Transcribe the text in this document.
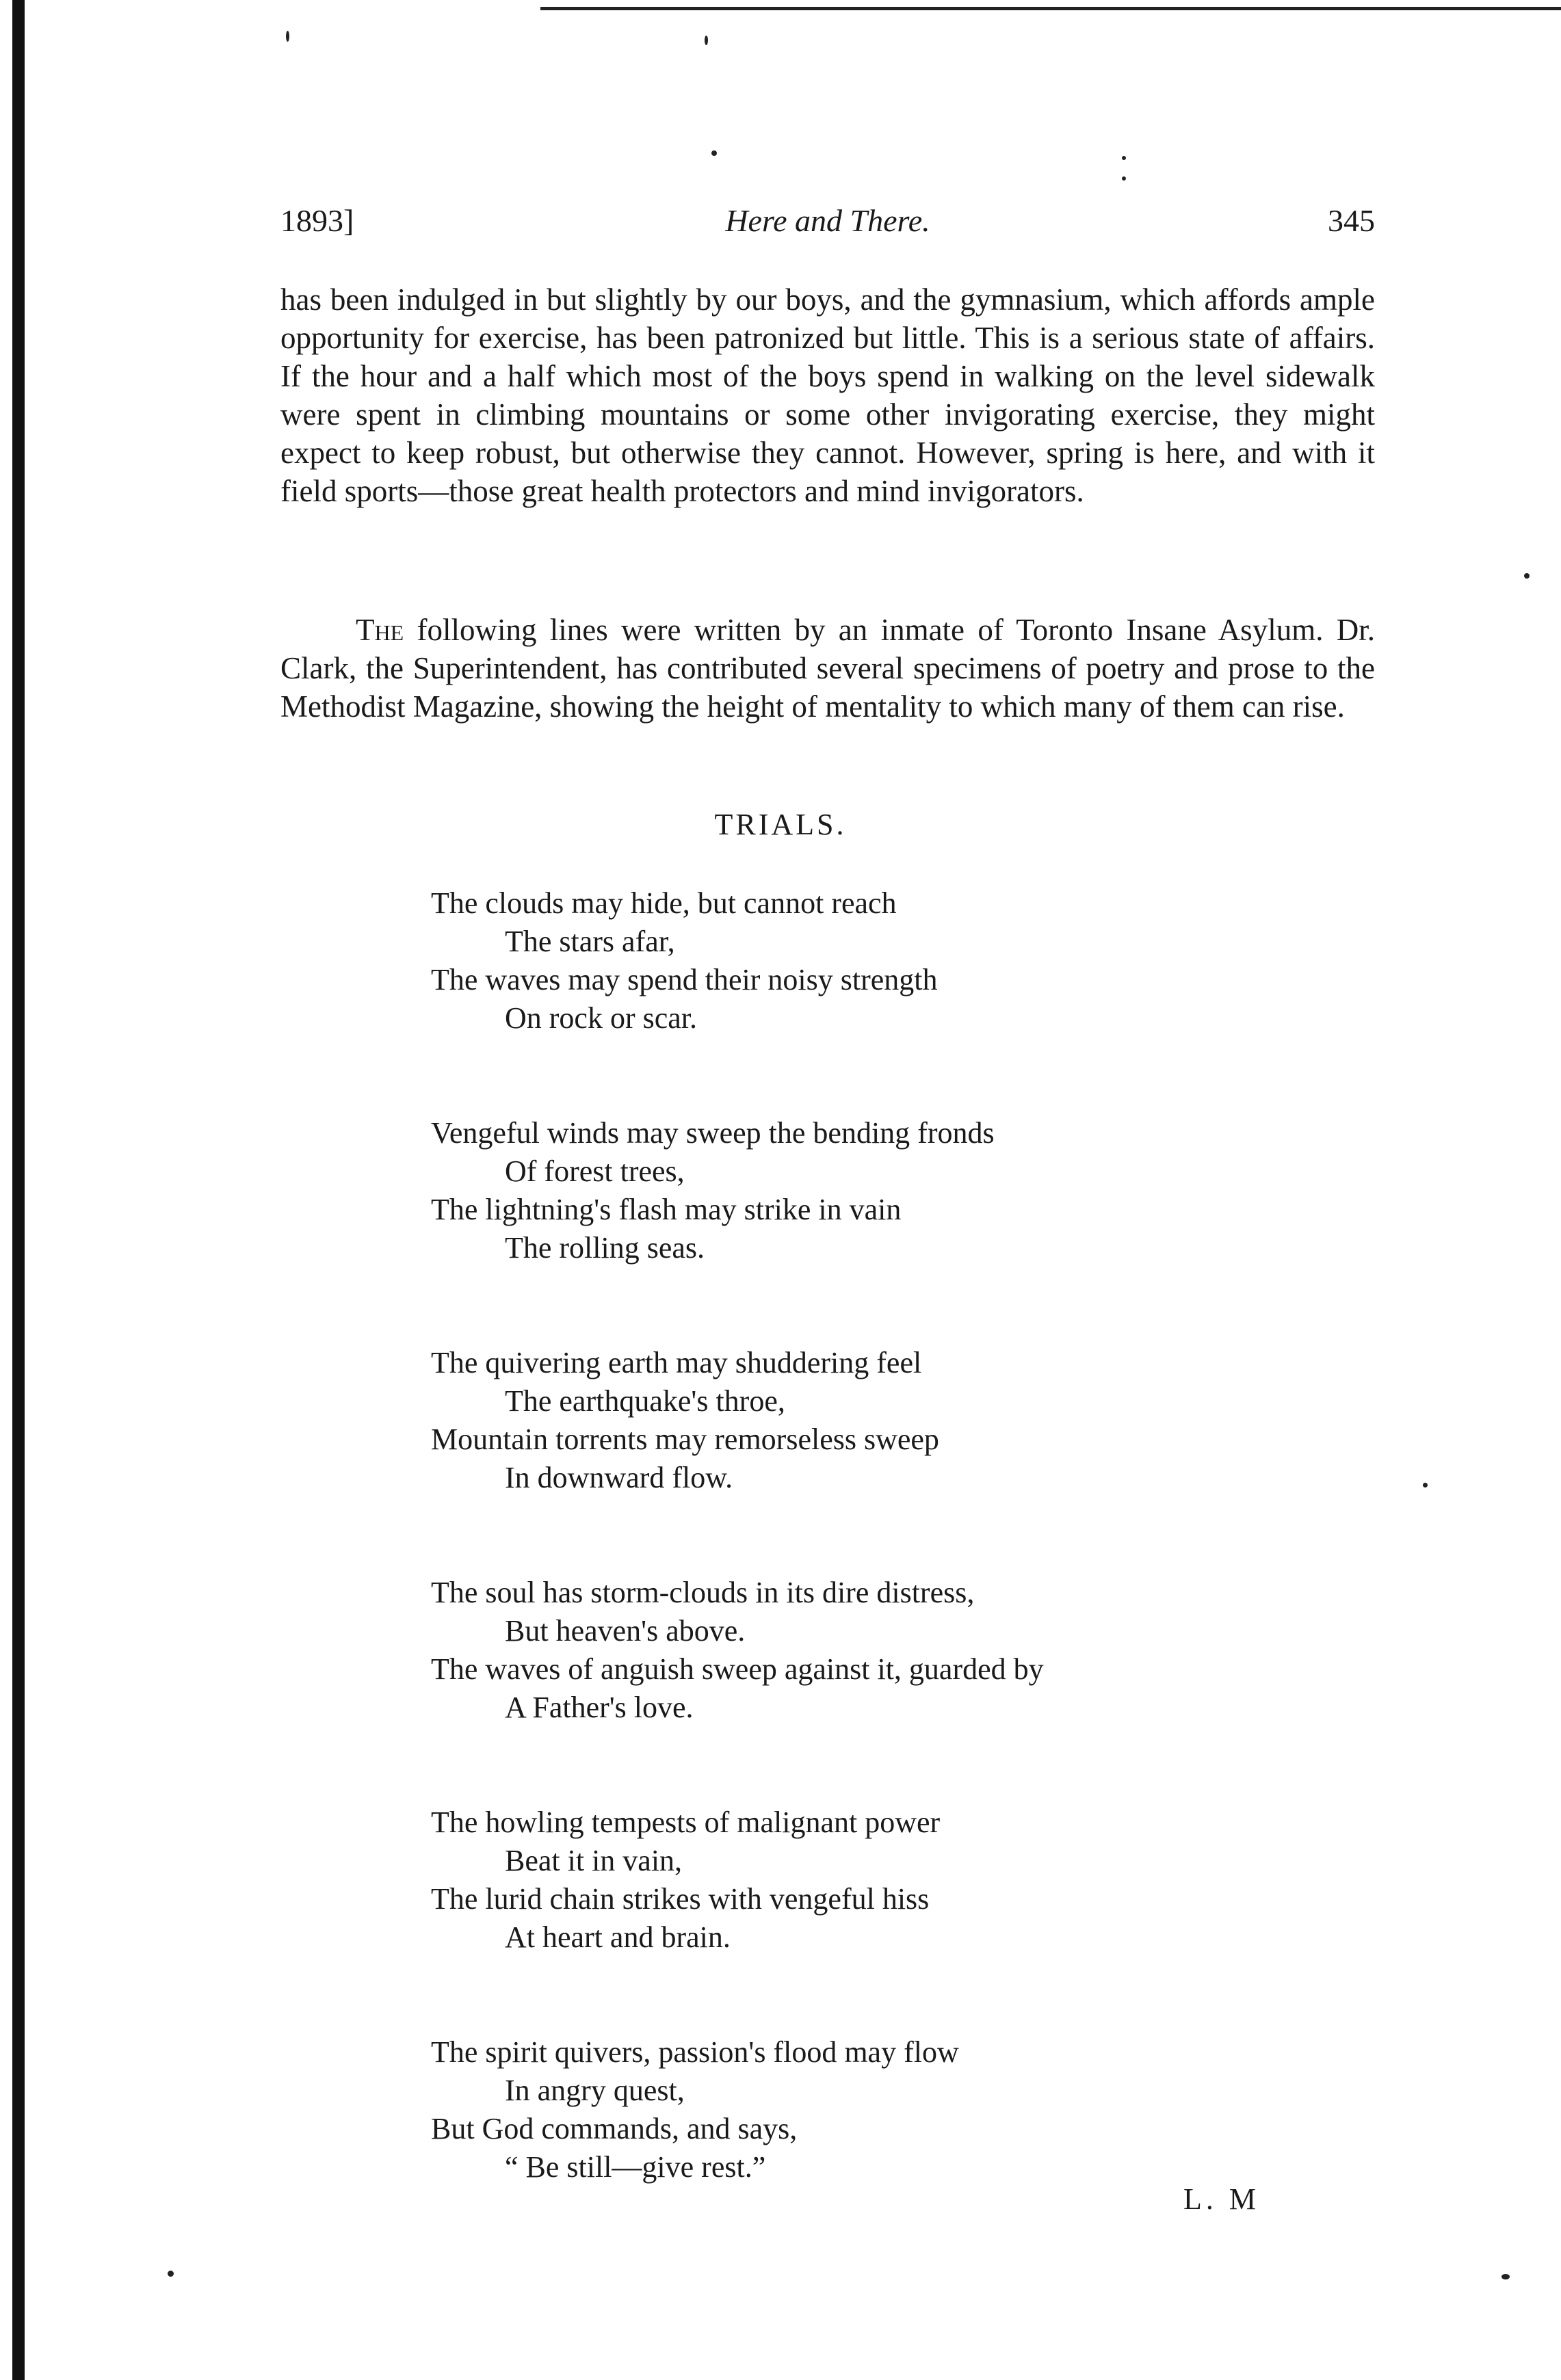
1893]	Here and There.	345

has been indulged in but slightly by our boys, and the gymnasium, which affords ample opportunity for exercise, has been patronized but little. This is a serious state of affairs. If the hour and a half which most of the boys spend in walking on the level sidewalk were spent in climbing mountains or some other invigorating exercise, they might expect to keep robust, but otherwise they cannot. However, spring is here, and with it field sports—those great health protectors and mind invigorators.

The following lines were written by an inmate of Toronto Insane Asylum. Dr. Clark, the Superintendent, has contributed several specimens of poetry and prose to the Methodist Magazine, showing the height of mentality to which many of them can rise.

TRIALS.
The clouds may hide, but cannot reach
The stars afar,
The waves may spend their noisy strength
On rock or scar.
Vengeful winds may sweep the bending fronds
Of forest trees,
The lightning's flash may strike in vain
The rolling seas.
The quivering earth may shuddering feel
The earthquake's throe,
Mountain torrents may remorseless sweep
In downward flow.
The soul has storm-clouds in its dire distress,
But heaven's above.
The waves of anguish sweep against it, guarded by
A Father's love.
The howling tempests of malignant power
Beat it in vain,
The lurid chain strikes with vengeful hiss
At heart and brain.
The spirit quivers, passion's flood may flow
In angry quest,
But God commands, and says,
“ Be still—give rest.”
L. M
